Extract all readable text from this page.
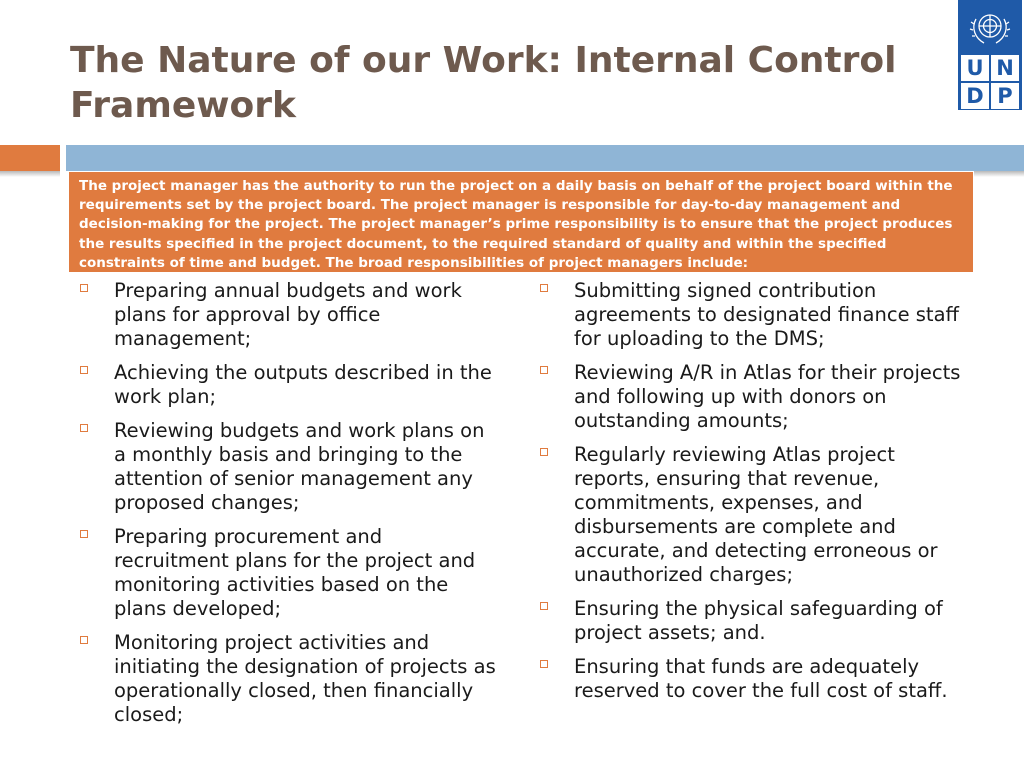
The Nature of our Work: Internal Control Framework
U N
D P
The project manager has the authority to run the project on a daily basis on behalf of the project board within the requirements set by the project board. The project manager is responsible for day-to-day management and decision-making for the project. The project manager’s prime responsibility is to ensure that the project produces the results specified in the project document, to the required standard of quality and within the specified constraints of time and budget. The broad responsibilities of project managers include:
Preparing annual budgets and work plans for approval by office management;
Achieving the outputs described in the work plan;
Reviewing budgets and work plans on a monthly basis and bringing to the attention of senior management any proposed changes;
Preparing procurement and recruitment plans for the project and monitoring activities based on the plans developed;
Monitoring project activities and initiating the designation of projects as operationally closed, then financially closed;
Submitting signed contribution agreements to designated finance staff for uploading to the DMS;
Reviewing A/R in Atlas for their projects and following up with donors on outstanding amounts;
Regularly reviewing Atlas project reports, ensuring that revenue, commitments, expenses, and disbursements are complete and accurate, and detecting erroneous or unauthorized charges;
Ensuring the physical safeguarding of project assets; and.
Ensuring that funds are adequately reserved to cover the full cost of staff.
